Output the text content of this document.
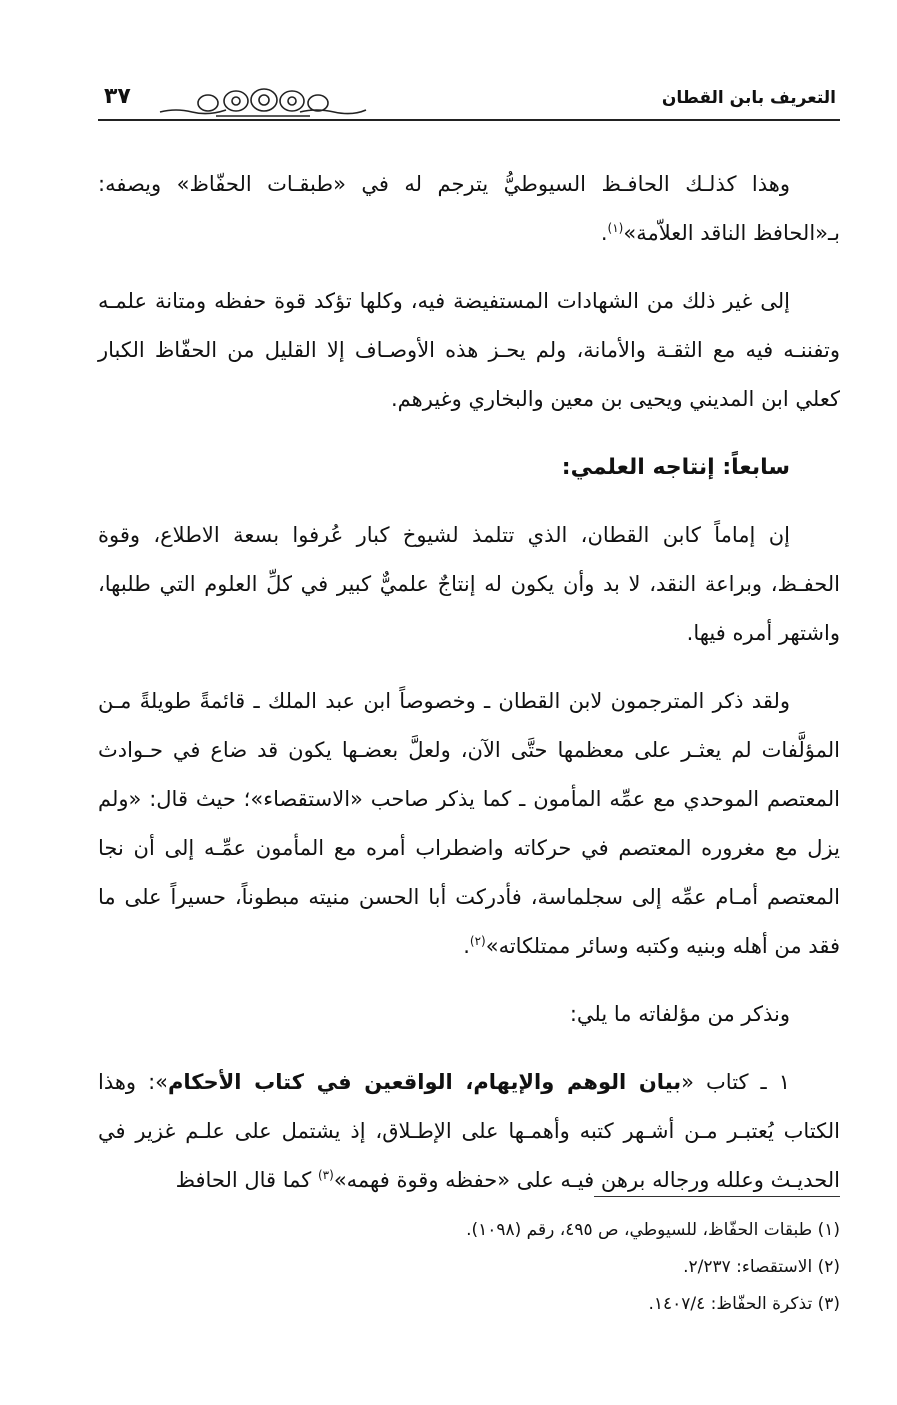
٣٧	التعريف بابن القطان

وهذا كذلـك الحافـظ السيوطيُّ يترجم له في «طبقـات الحفّاظ» ويصفه: بـ«الحافظ الناقد العلاّمة»$^{(١)}$.

إلى غير ذلك من الشهادات المستفيضة فيه، وكلها تؤكد قوة حفظه ومتانة علمـه وتفننـه فيه مع الثقـة والأمانة، ولم يحـز هذه الأوصـاف إلا القليل من الحفّاظ الكبار كعلي ابن المديني ويحيى بن معين والبخاري وغيرهم.

سابعاً: إنتاجه العلمي:

إن إماماً كابن القطان، الذي تتلمذ لشيوخ كبار عُرفوا بسعة الاطلاع، وقوة الحفـظ، وبراعة النقد، لا بد وأن يكون له إنتاجٌ علميٌّ كبير في كلِّ العلوم التي طلبها، واشتهر أمره فيها.

ولقد ذكر المترجمون لابن القطان ـ وخصوصاً ابن عبد الملك ـ قائمةً طويلةً مـن المؤلَّفات لم يعثـر على معظمها حتَّى الآن، ولعلَّ بعضـها يكون قد ضاع في حـوادث المعتصم الموحدي مع عمِّه المأمون ـ كما يذكر صاحب «الاستقصاء»؛ حيث قال: «ولم يزل مع مغروره المعتصم في حركاته واضطراب أمره مع المأمون عمِّـه إلى أن نجا المعتصم أمـام عمِّه إلى سجلماسة، فأدركت أبا الحسن منيته مبطوناً، حسيراً على ما فقد من أهله وبنيه وكتبه وسائر ممتلكاته»$^{(٢)}$.

ونذكر من مؤلفاته ما يلي:

١ ـ كتاب «بيان الوهم والإيهام، الواقعين في كتاب الأحكام»: وهذا الكتاب يُعتبـر مـن أشـهر كتبه وأهمـها على الإطـلاق، إذ يشتمل على علـم غزير في الحديـث وعلله ورجاله برهن فيـه على «حفظه وقوة فهمه»$^{(٣)}$ كما قال الحافظ

(١) طبقات الحفّاظ، للسيوطي، ص ٤٩٥، رقم (١٠٩٨).

(٢) الاستقصاء: ٢/٢٣٧.

(٣) تذكرة الحفّاظ: ١٤٠٧/٤.
